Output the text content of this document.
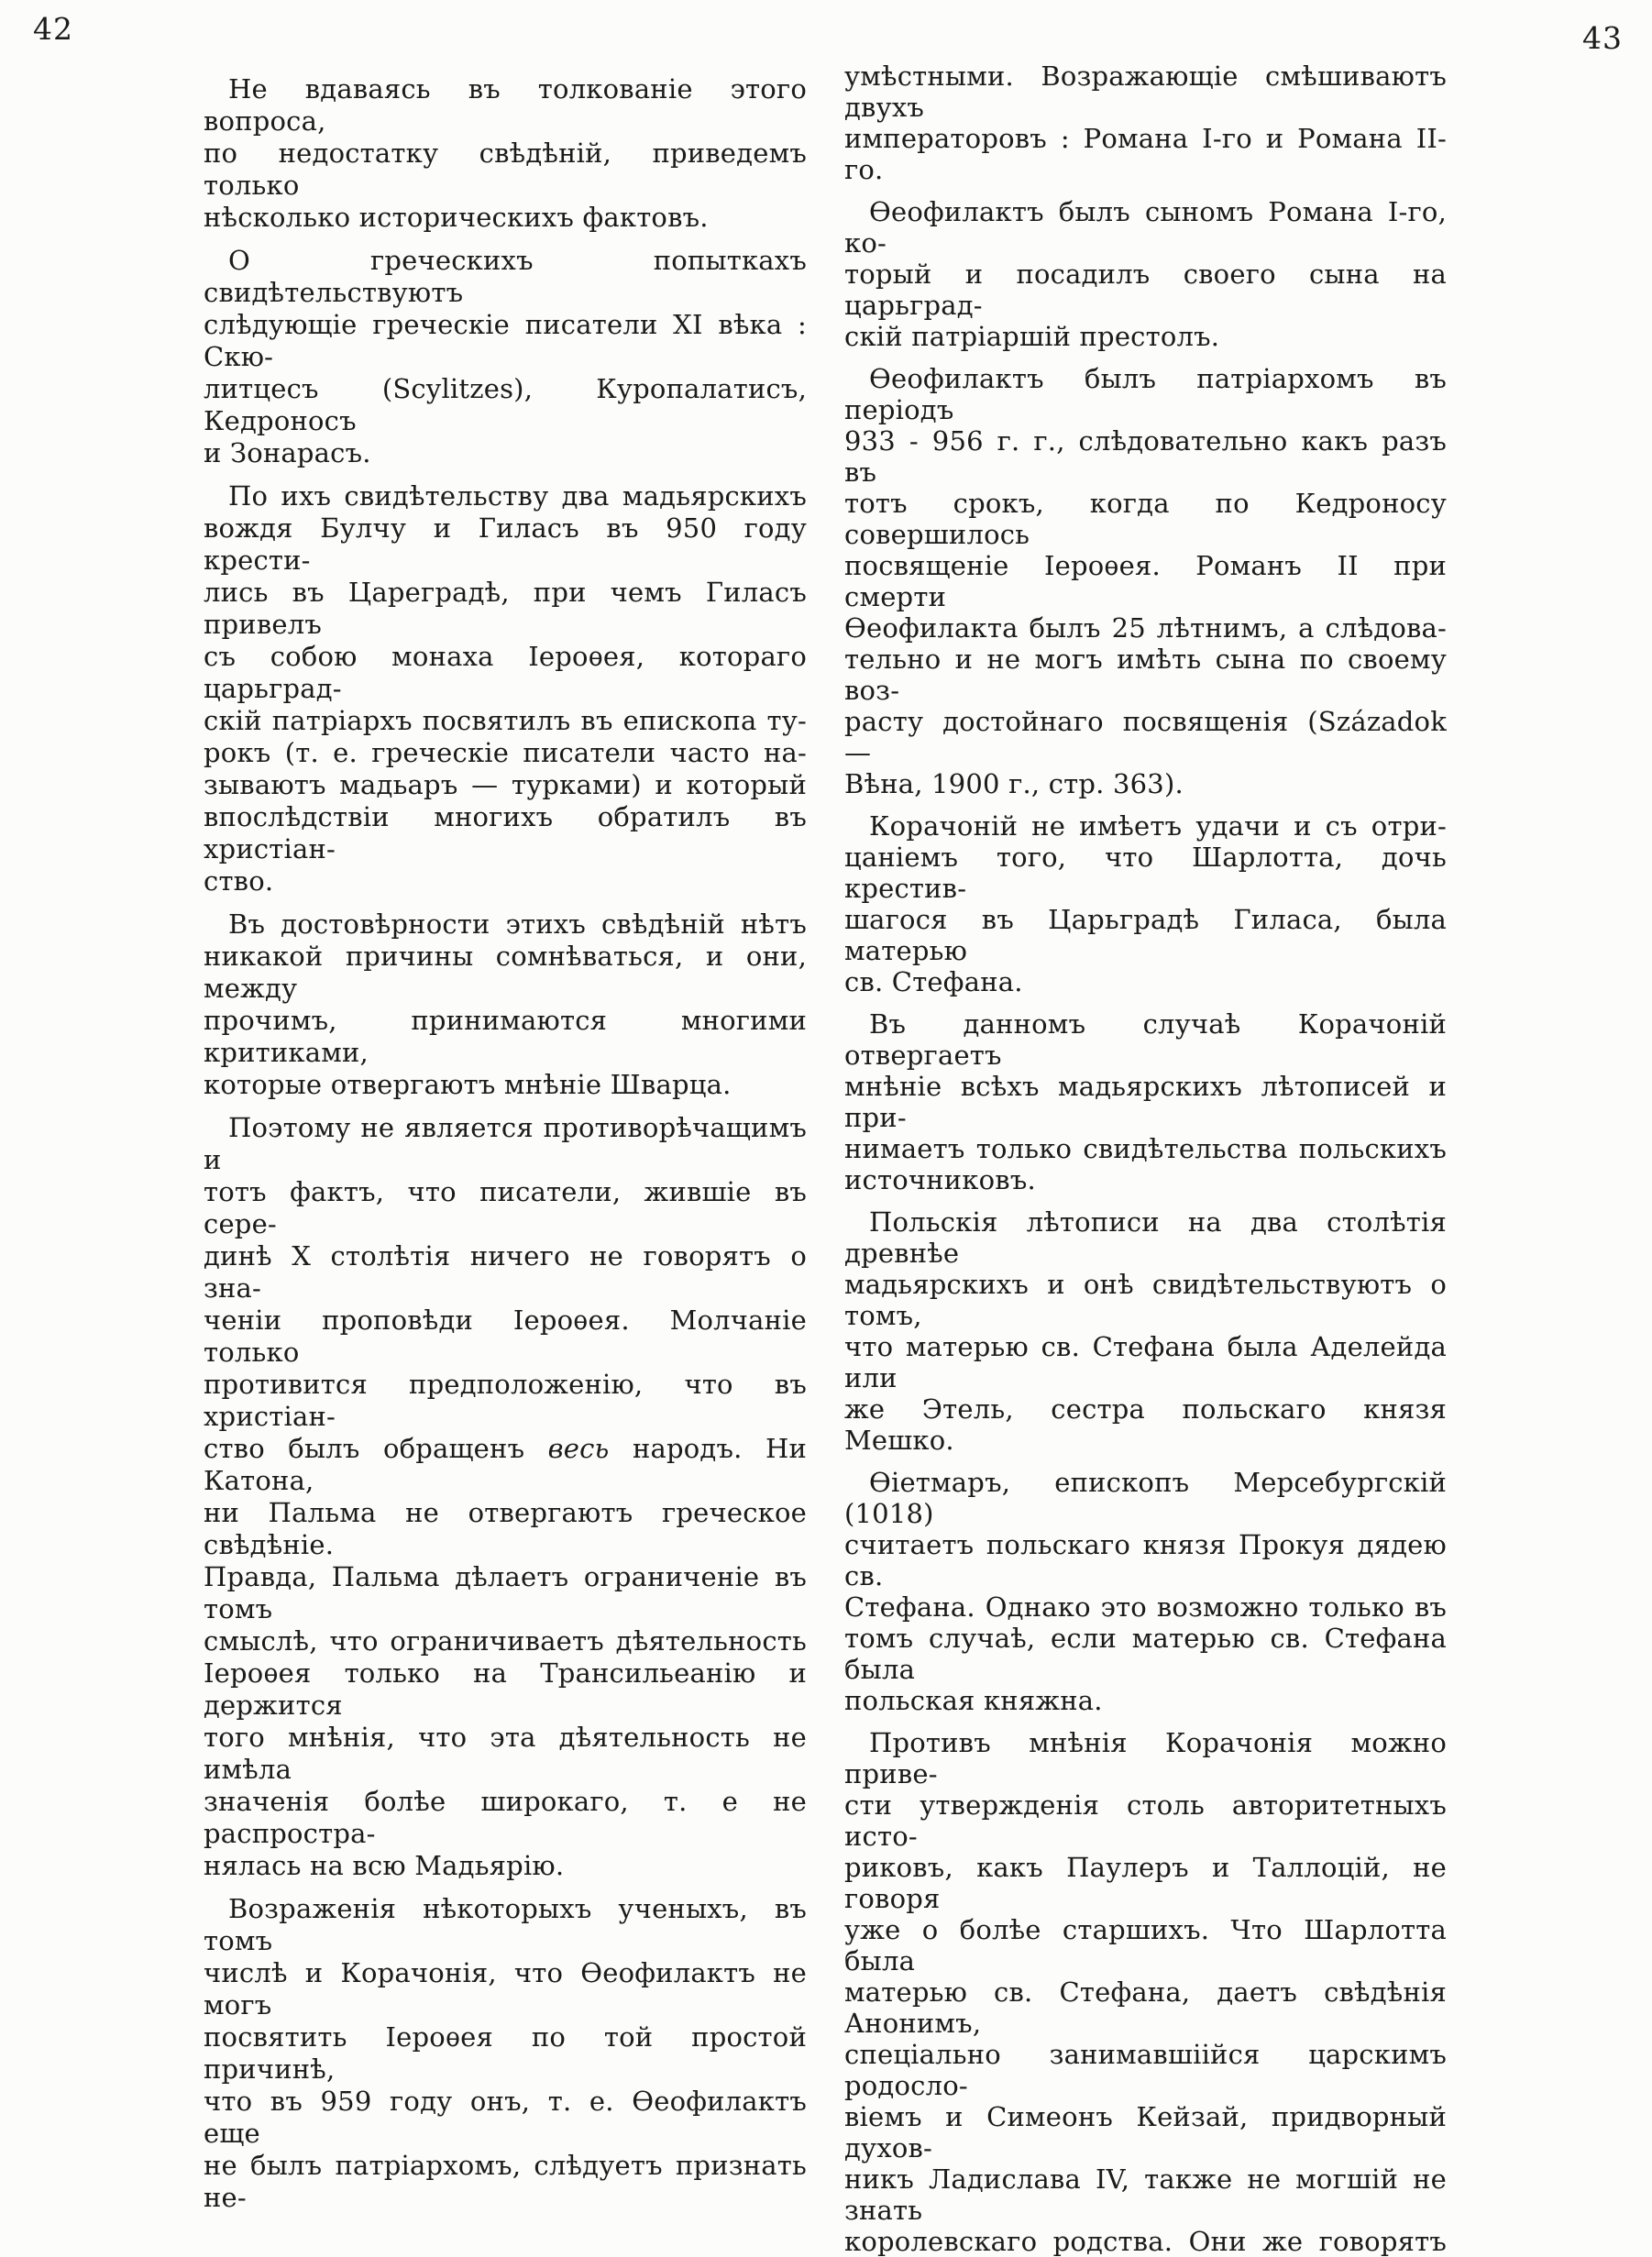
42	43
Не вдаваясь въ толкованіе этого вопроса,
по недостатку свѣдѣній, приведемъ только
нѣсколько историческихъ фактовъ.
О греческихъ попыткахъ свидѣтельствуютъ
слѣдующіе греческіе писатели XI вѣка : Скю-
литцесъ (Scylitzes), Куропалатисъ, Кедроносъ
и Зонарасъ.
По ихъ свидѣтельству два мадьярскихъ
вождя Булчу и Гиласъ въ 950 году крести-
лись въ Цареградѣ, при чемъ Гиласъ привелъ
съ собою монаха Іероѳея, котораго царьград-
скій патріархъ посвятилъ въ епископа ту-
рокъ (т. е. греческіе писатели часто на-
зываютъ мадьаръ — турками) и который
впослѣдствіи многихъ обратилъ въ христіан-
ство.
Въ достовѣрности этихъ свѣдѣній нѣтъ
никакой причины сомнѣваться, и они, между
прочимъ, принимаются многими критиками,
которые отвергаютъ мнѣніе Шварца.
Поэтому не является противорѣчащимъ и
тотъ фактъ, что писатели, жившіе въ сере-
динѣ X столѣтія ничего не говорятъ о зна-
ченіи проповѣди Іероѳея. Молчаніе только
противится предположенію, что въ христіан-
ство былъ обращенъ весь народъ. Ни Катона,
ни Пальма не отвергаютъ греческое свѣдѣніе.
Правда, Пальма дѣлаетъ ограниченіе въ томъ
смыслѣ, что ограничиваетъ дѣятельность
Іероѳея только на Трансильеанію и держится
того мнѣнія, что эта дѣятельность не имѣла
значенія болѣе широкаго, т. е не распростра-
нялась на всю Мадьярію.
Возраженія нѣкоторыхъ ученыхъ, въ томъ
числѣ и Корачонія, что Ѳеофилактъ не могъ
посвятить Іероѳея по той простой причинѣ,
что въ 959 году онъ, т. е. Ѳеофилактъ еще
не былъ патріархомъ, слѣдуетъ признать не-
умѣстными. Возражающіе смѣшиваютъ двухъ
императоровъ : Романа I-го и Романа II-го.
Ѳеофилактъ былъ сыномъ Романа I-го, ко-
торый и посадилъ своего сына на царьград-
скій патріаршій престолъ.
Ѳеофилактъ былъ патріархомъ въ періодъ
933 - 956 г. г., слѣдовательно какъ разъ въ
тотъ срокъ, когда по Кедроносу совершилось
посвященіе Іероѳея. Романъ II при смерти
Ѳеофилакта былъ 25 лѣтнимъ, а слѣдова-
тельно и не могъ имѣть сына по своему воз-
расту достойнаго посвященія (Századok —
Вѣна, 1900 г., стр. 363).
Корачоній не имѣетъ удачи и съ отри-
цаніемъ того, что Шарлотта, дочь крестив-
шагося въ Царьградѣ Гиласа, была матерью
св. Стефана.
Въ данномъ случаѣ Корачоній отвергаетъ
мнѣніе всѣхъ мадьярскихъ лѣтописей и при-
нимаетъ только свидѣтельства польскихъ
источниковъ.
Польскія лѣтописи на два столѣтія древнѣе
мадьярскихъ и онѣ свидѣтельствуютъ о томъ,
что матерью св. Стефана была Аделейда или
же Этель, сестра польскаго князя Мешко.
Ѳіетмаръ, епископъ Мерсебургскій (1018)
считаетъ польскаго князя Прокуя дядею св.
Стефана. Однако это возможно только въ
томъ случаѣ, если матерью св. Стефана была
польская княжна.
Противъ мнѣнія Корачонія можно приве-
сти утвержденія столь авторитетныхъ исто-
риковъ, какъ Паулеръ и Таллоцій, не говоря
уже о болѣе старшихъ. Что Шарлотта была
матерью св. Стефана, даетъ свѣдѣнія Анонимъ,
спеціально занимавшіійся царскимъ родосло-
віемъ и Симеонъ Кейзай, придворный духов-
никъ Ладислава IV, также не могшій не знать
королевскаго родства. Они же говорятъ
